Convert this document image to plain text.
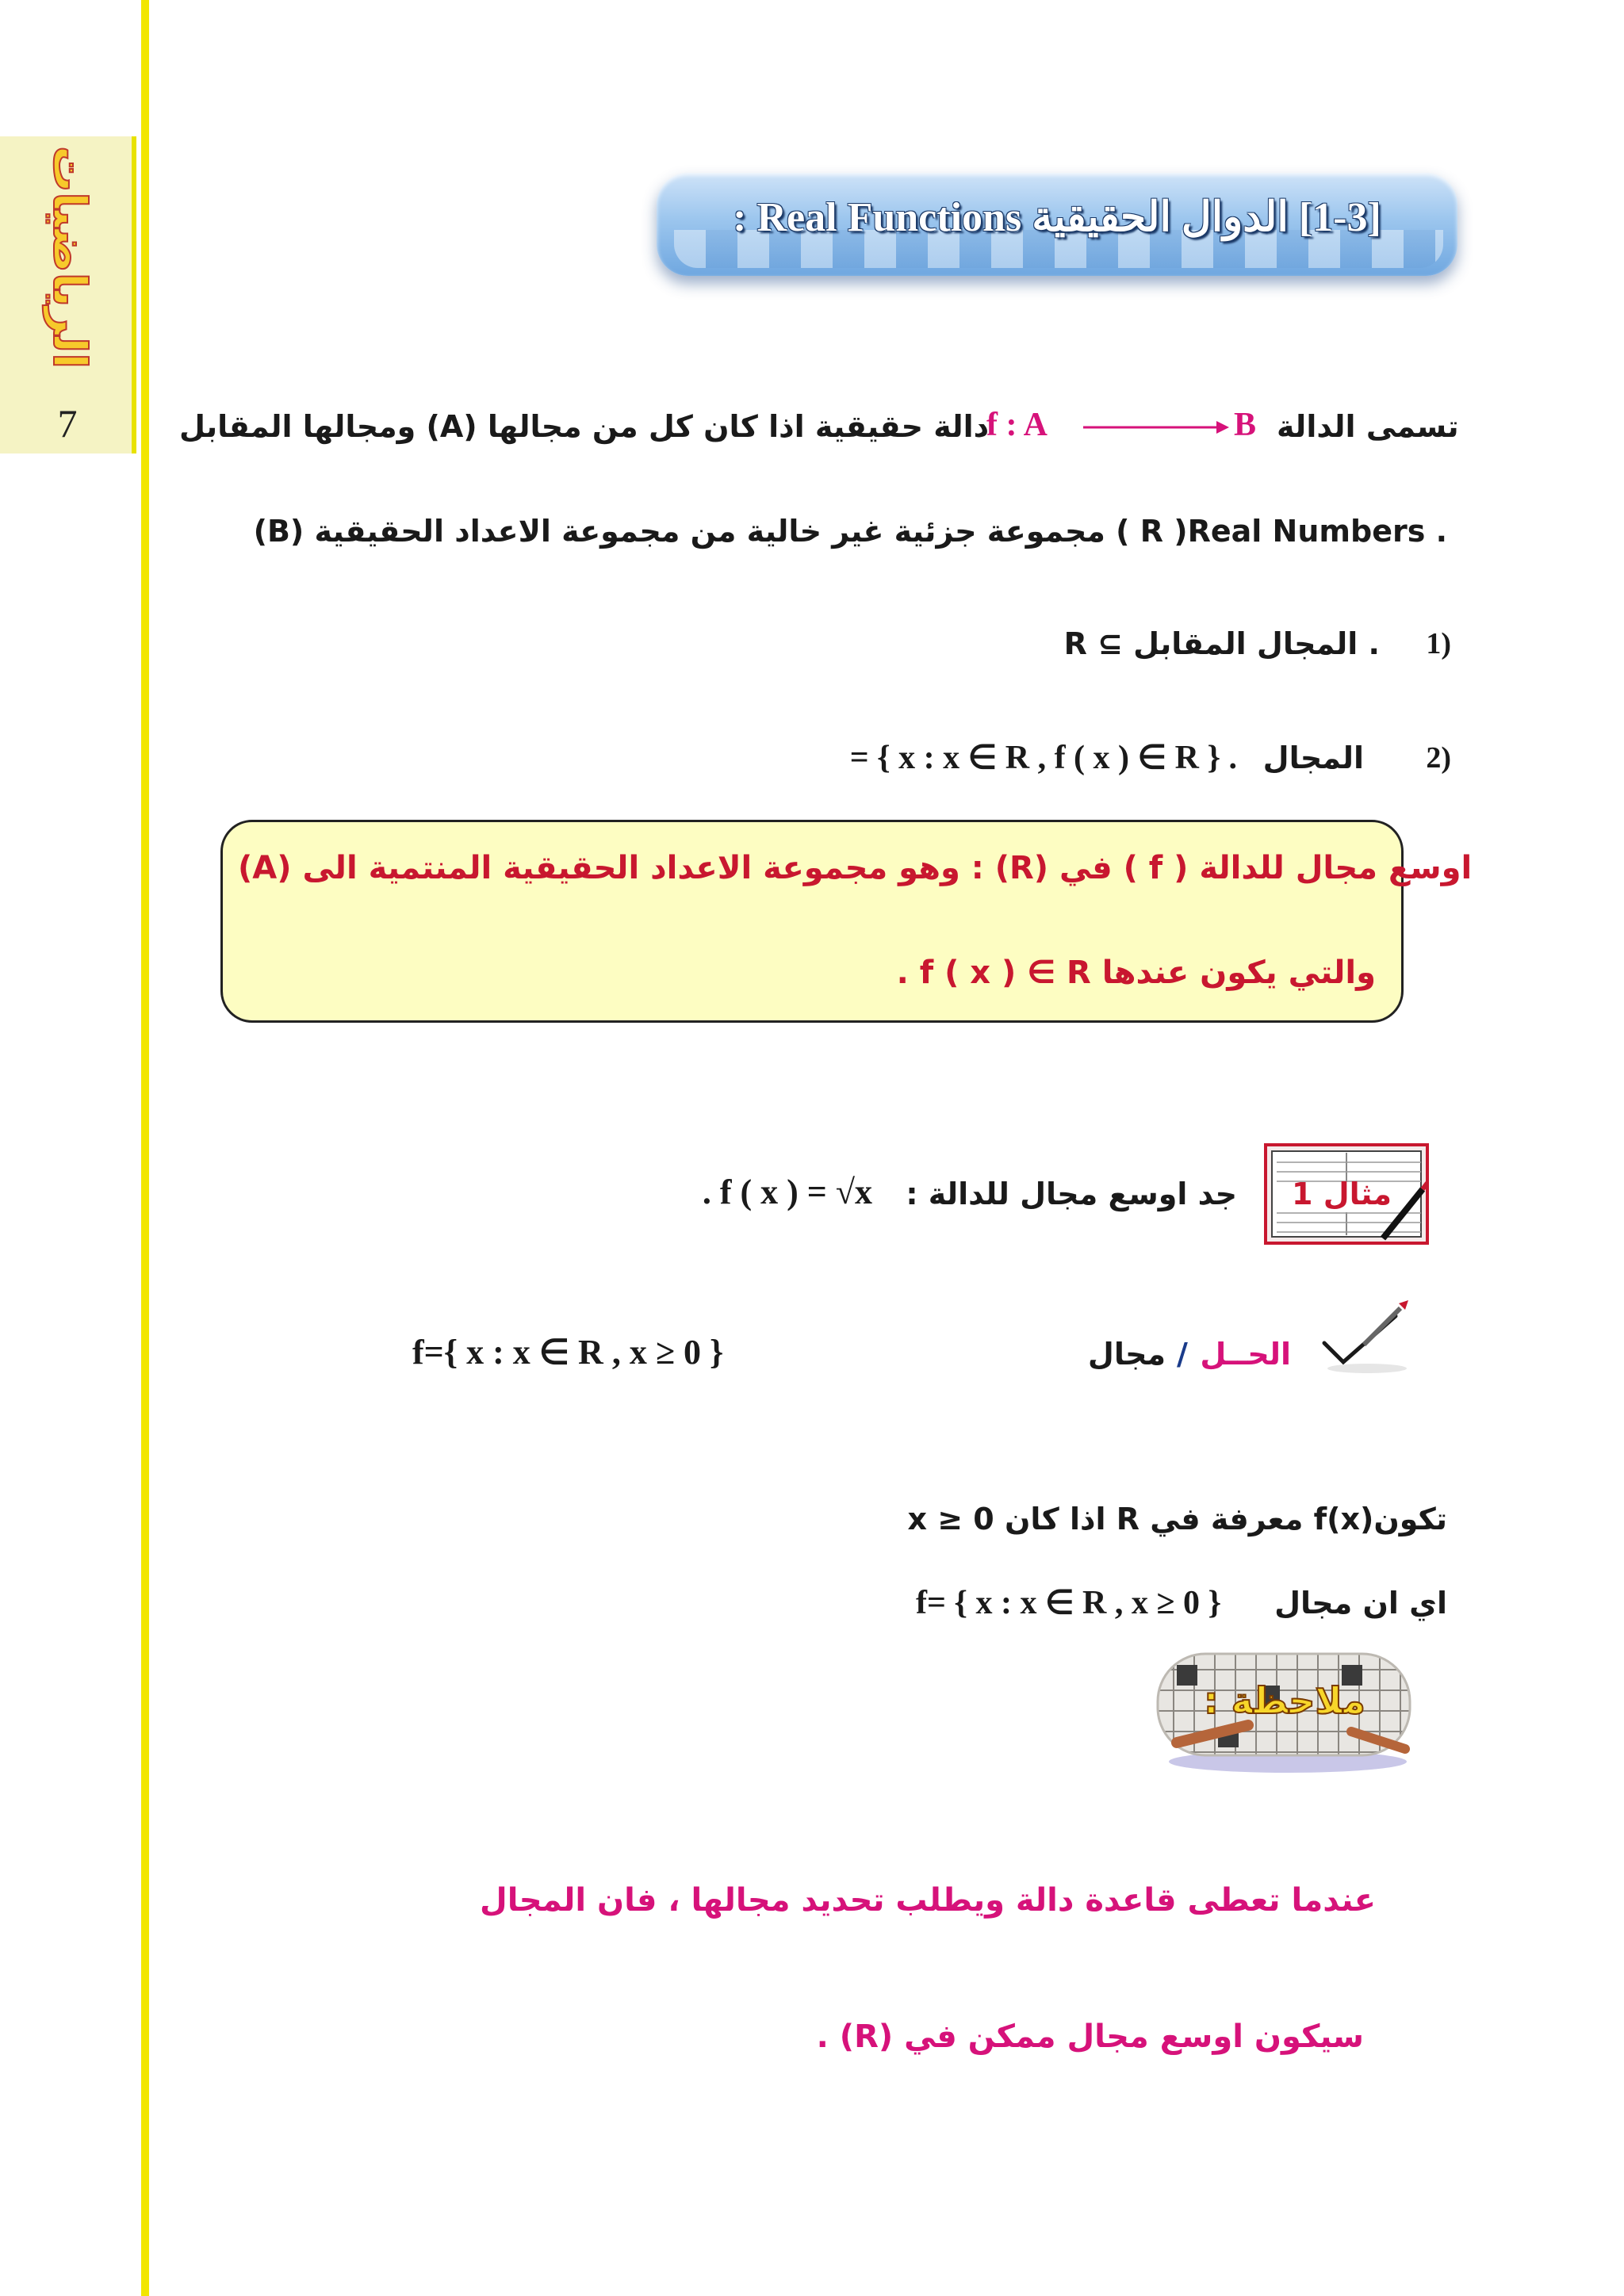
الرياضيات
7
[1-3] الدوال الحقيقية Real Functions :
تسمى الدالة
B
f : A
دالة حقيقية اذا كان كل من مجالها (A) ومجالها المقابل
(B) مجموعة جزئية غير خالية من مجموعة الاعداد الحقيقية ( R )Real Numbers .
1)
R ⊆ المجال المقابل .
2)
المجال
= { x : x ∈ R , f ( x ) ∈ R } .
اوسع مجال للدالة ( f ) في (R) : وهو مجموعة الاعداد الحقيقية المنتمية الى (A)
والتي يكون عندها f ( x ) ∈ R .
مثال 1
جد اوسع مجال للدالة :
. f ( x ) = √x
الحــل
/
مجال
f={ x : x ∈ R , x ≥ 0 }
تكونf(x) معرفة في R اذا كان x ≥ 0
اي ان مجال
f= { x : x ∈ R , x ≥ 0 }
ملاحظة :
عندما تعطى قاعدة دالة ويطلب تحديد مجالها ، فان المجال
سيكون اوسع مجال ممكن في (R) .
